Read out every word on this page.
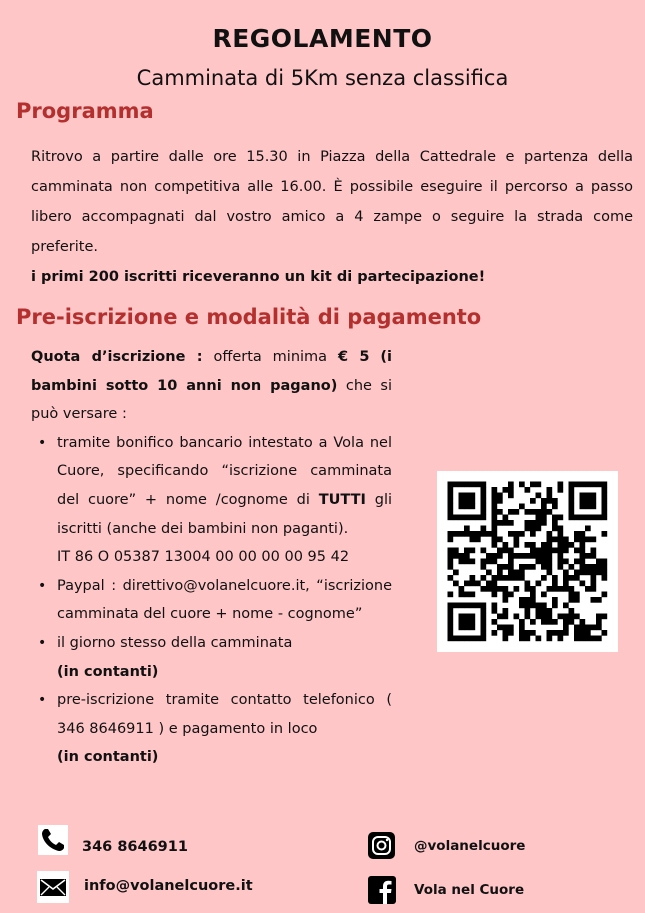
REGOLAMENTO
Camminata di 5Km senza classifica
Programma
Ritrovo a partire dalle ore 15.30 in Piazza della Cattedrale e partenza della camminata non competitiva alle 16.00. È possibile eseguire il percorso a passo libero accompagnati dal vostro amico a 4 zampe o seguire la strada come preferite.
i primi 200 iscritti riceveranno un kit di partecipazione!
Pre-iscrizione e modalità di pagamento

Quota d’iscrizione : offerta minima € 5 (i bambini sotto 10 anni non pagano) che si può versare :

• tramite bonifico bancario intestato a Vola nel Cuore, specificando “iscrizione camminata del cuore” + nome /cognome di TUTTI gli iscritti (anche dei bambini non paganti).
IT 86 O 05387 13004 00 00 00 00 95 42
• Paypal : direttivo@volanelcuore.it, “iscrizione camminata del cuore + nome - cognome”
• il giorno stesso della camminata
(in contanti)
• pre-iscrizione tramite contatto telefonico ( 346 8646911 ) e pagamento in loco
(in contanti)
346 8646911
info@volanelcuore.it
@volanelcuore
Vola nel Cuore
